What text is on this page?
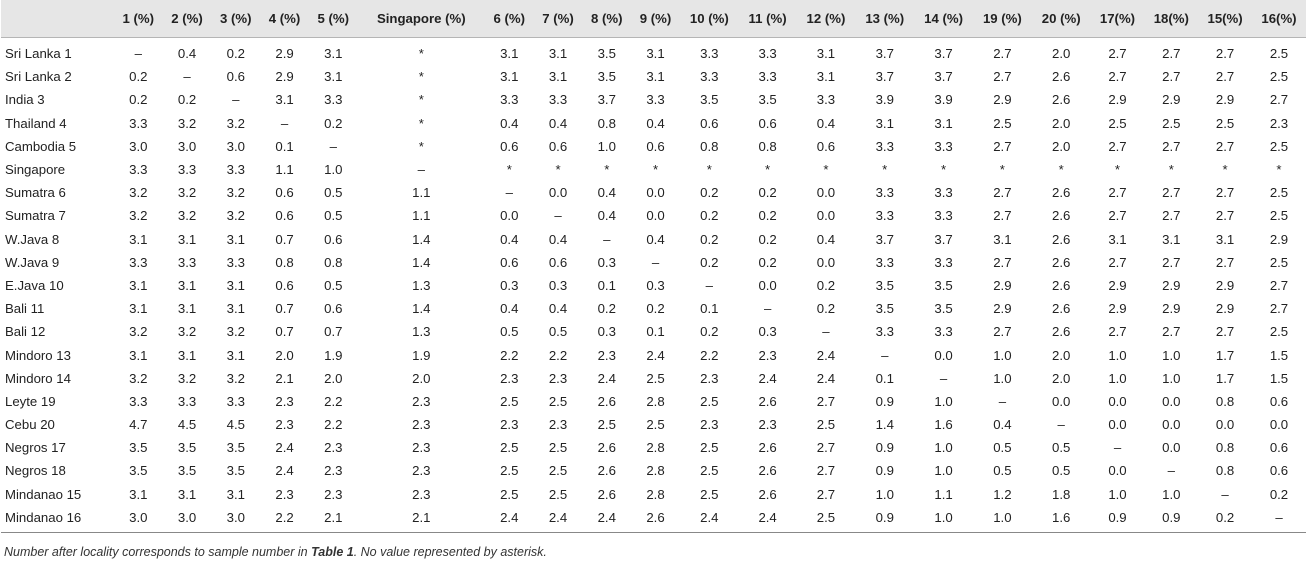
	1 (%)	2 (%)	3 (%)	4 (%)	5 (%)	Singapore (%)	6 (%)	7 (%)	8 (%)	9 (%)	10 (%)	11 (%)	12 (%)	13 (%)	14 (%)	19 (%)	20 (%)	17(%)	18(%)	15(%)	16(%)
Sri Lanka 1	–	0.4	0.2	2.9	3.1	*	3.1	3.1	3.5	3.1	3.3	3.3	3.1	3.7	3.7	2.7	2.0	2.7	2.7	2.7	2.5
Sri Lanka 2	0.2	–	0.6	2.9	3.1	*	3.1	3.1	3.5	3.1	3.3	3.3	3.1	3.7	3.7	2.7	2.6	2.7	2.7	2.7	2.5
India 3	0.2	0.2	–	3.1	3.3	*	3.3	3.3	3.7	3.3	3.5	3.5	3.3	3.9	3.9	2.9	2.6	2.9	2.9	2.9	2.7
Thailand 4	3.3	3.2	3.2	–	0.2	*	0.4	0.4	0.8	0.4	0.6	0.6	0.4	3.1	3.1	2.5	2.0	2.5	2.5	2.5	2.3
Cambodia 5	3.0	3.0	3.0	0.1	–	*	0.6	0.6	1.0	0.6	0.8	0.8	0.6	3.3	3.3	2.7	2.0	2.7	2.7	2.7	2.5
Singapore	3.3	3.3	3.3	1.1	1.0	–	*	*	*	*	*	*	*	*	*	*	*	*	*	*	*
Sumatra 6	3.2	3.2	3.2	0.6	0.5	1.1	–	0.0	0.4	0.0	0.2	0.2	0.0	3.3	3.3	2.7	2.6	2.7	2.7	2.7	2.5
Sumatra 7	3.2	3.2	3.2	0.6	0.5	1.1	0.0	–	0.4	0.0	0.2	0.2	0.0	3.3	3.3	2.7	2.6	2.7	2.7	2.7	2.5
W.Java 8	3.1	3.1	3.1	0.7	0.6	1.4	0.4	0.4	–	0.4	0.2	0.2	0.4	3.7	3.7	3.1	2.6	3.1	3.1	3.1	2.9
W.Java 9	3.3	3.3	3.3	0.8	0.8	1.4	0.6	0.6	0.3	–	0.2	0.2	0.0	3.3	3.3	2.7	2.6	2.7	2.7	2.7	2.5
E.Java 10	3.1	3.1	3.1	0.6	0.5	1.3	0.3	0.3	0.1	0.3	–	0.0	0.2	3.5	3.5	2.9	2.6	2.9	2.9	2.9	2.7
Bali 11	3.1	3.1	3.1	0.7	0.6	1.4	0.4	0.4	0.2	0.2	0.1	–	0.2	3.5	3.5	2.9	2.6	2.9	2.9	2.9	2.7
Bali 12	3.2	3.2	3.2	0.7	0.7	1.3	0.5	0.5	0.3	0.1	0.2	0.3	–	3.3	3.3	2.7	2.6	2.7	2.7	2.7	2.5
Mindoro 13	3.1	3.1	3.1	2.0	1.9	1.9	2.2	2.2	2.3	2.4	2.2	2.3	2.4	–	0.0	1.0	2.0	1.0	1.0	1.7	1.5
Mindoro 14	3.2	3.2	3.2	2.1	2.0	2.0	2.3	2.3	2.4	2.5	2.3	2.4	2.4	0.1	–	1.0	2.0	1.0	1.0	1.7	1.5
Leyte 19	3.3	3.3	3.3	2.3	2.2	2.3	2.5	2.5	2.6	2.8	2.5	2.6	2.7	0.9	1.0	–	0.0	0.0	0.0	0.8	0.6
Cebu 20	4.7	4.5	4.5	2.3	2.2	2.3	2.3	2.3	2.5	2.5	2.3	2.3	2.5	1.4	1.6	0.4	–	0.0	0.0	0.0	0.0
Negros 17	3.5	3.5	3.5	2.4	2.3	2.3	2.5	2.5	2.6	2.8	2.5	2.6	2.7	0.9	1.0	0.5	0.5	–	0.0	0.8	0.6
Negros 18	3.5	3.5	3.5	2.4	2.3	2.3	2.5	2.5	2.6	2.8	2.5	2.6	2.7	0.9	1.0	0.5	0.5	0.0	–	0.8	0.6
Mindanao 15	3.1	3.1	3.1	2.3	2.3	2.3	2.5	2.5	2.6	2.8	2.5	2.6	2.7	1.0	1.1	1.2	1.8	1.0	1.0	–	0.2
Mindanao 16	3.0	3.0	3.0	2.2	2.1	2.1	2.4	2.4	2.4	2.6	2.4	2.4	2.5	0.9	1.0	1.0	1.6	0.9	0.9	0.2	–
Number after locality corresponds to sample number in Table 1. No value represented by asterisk.
